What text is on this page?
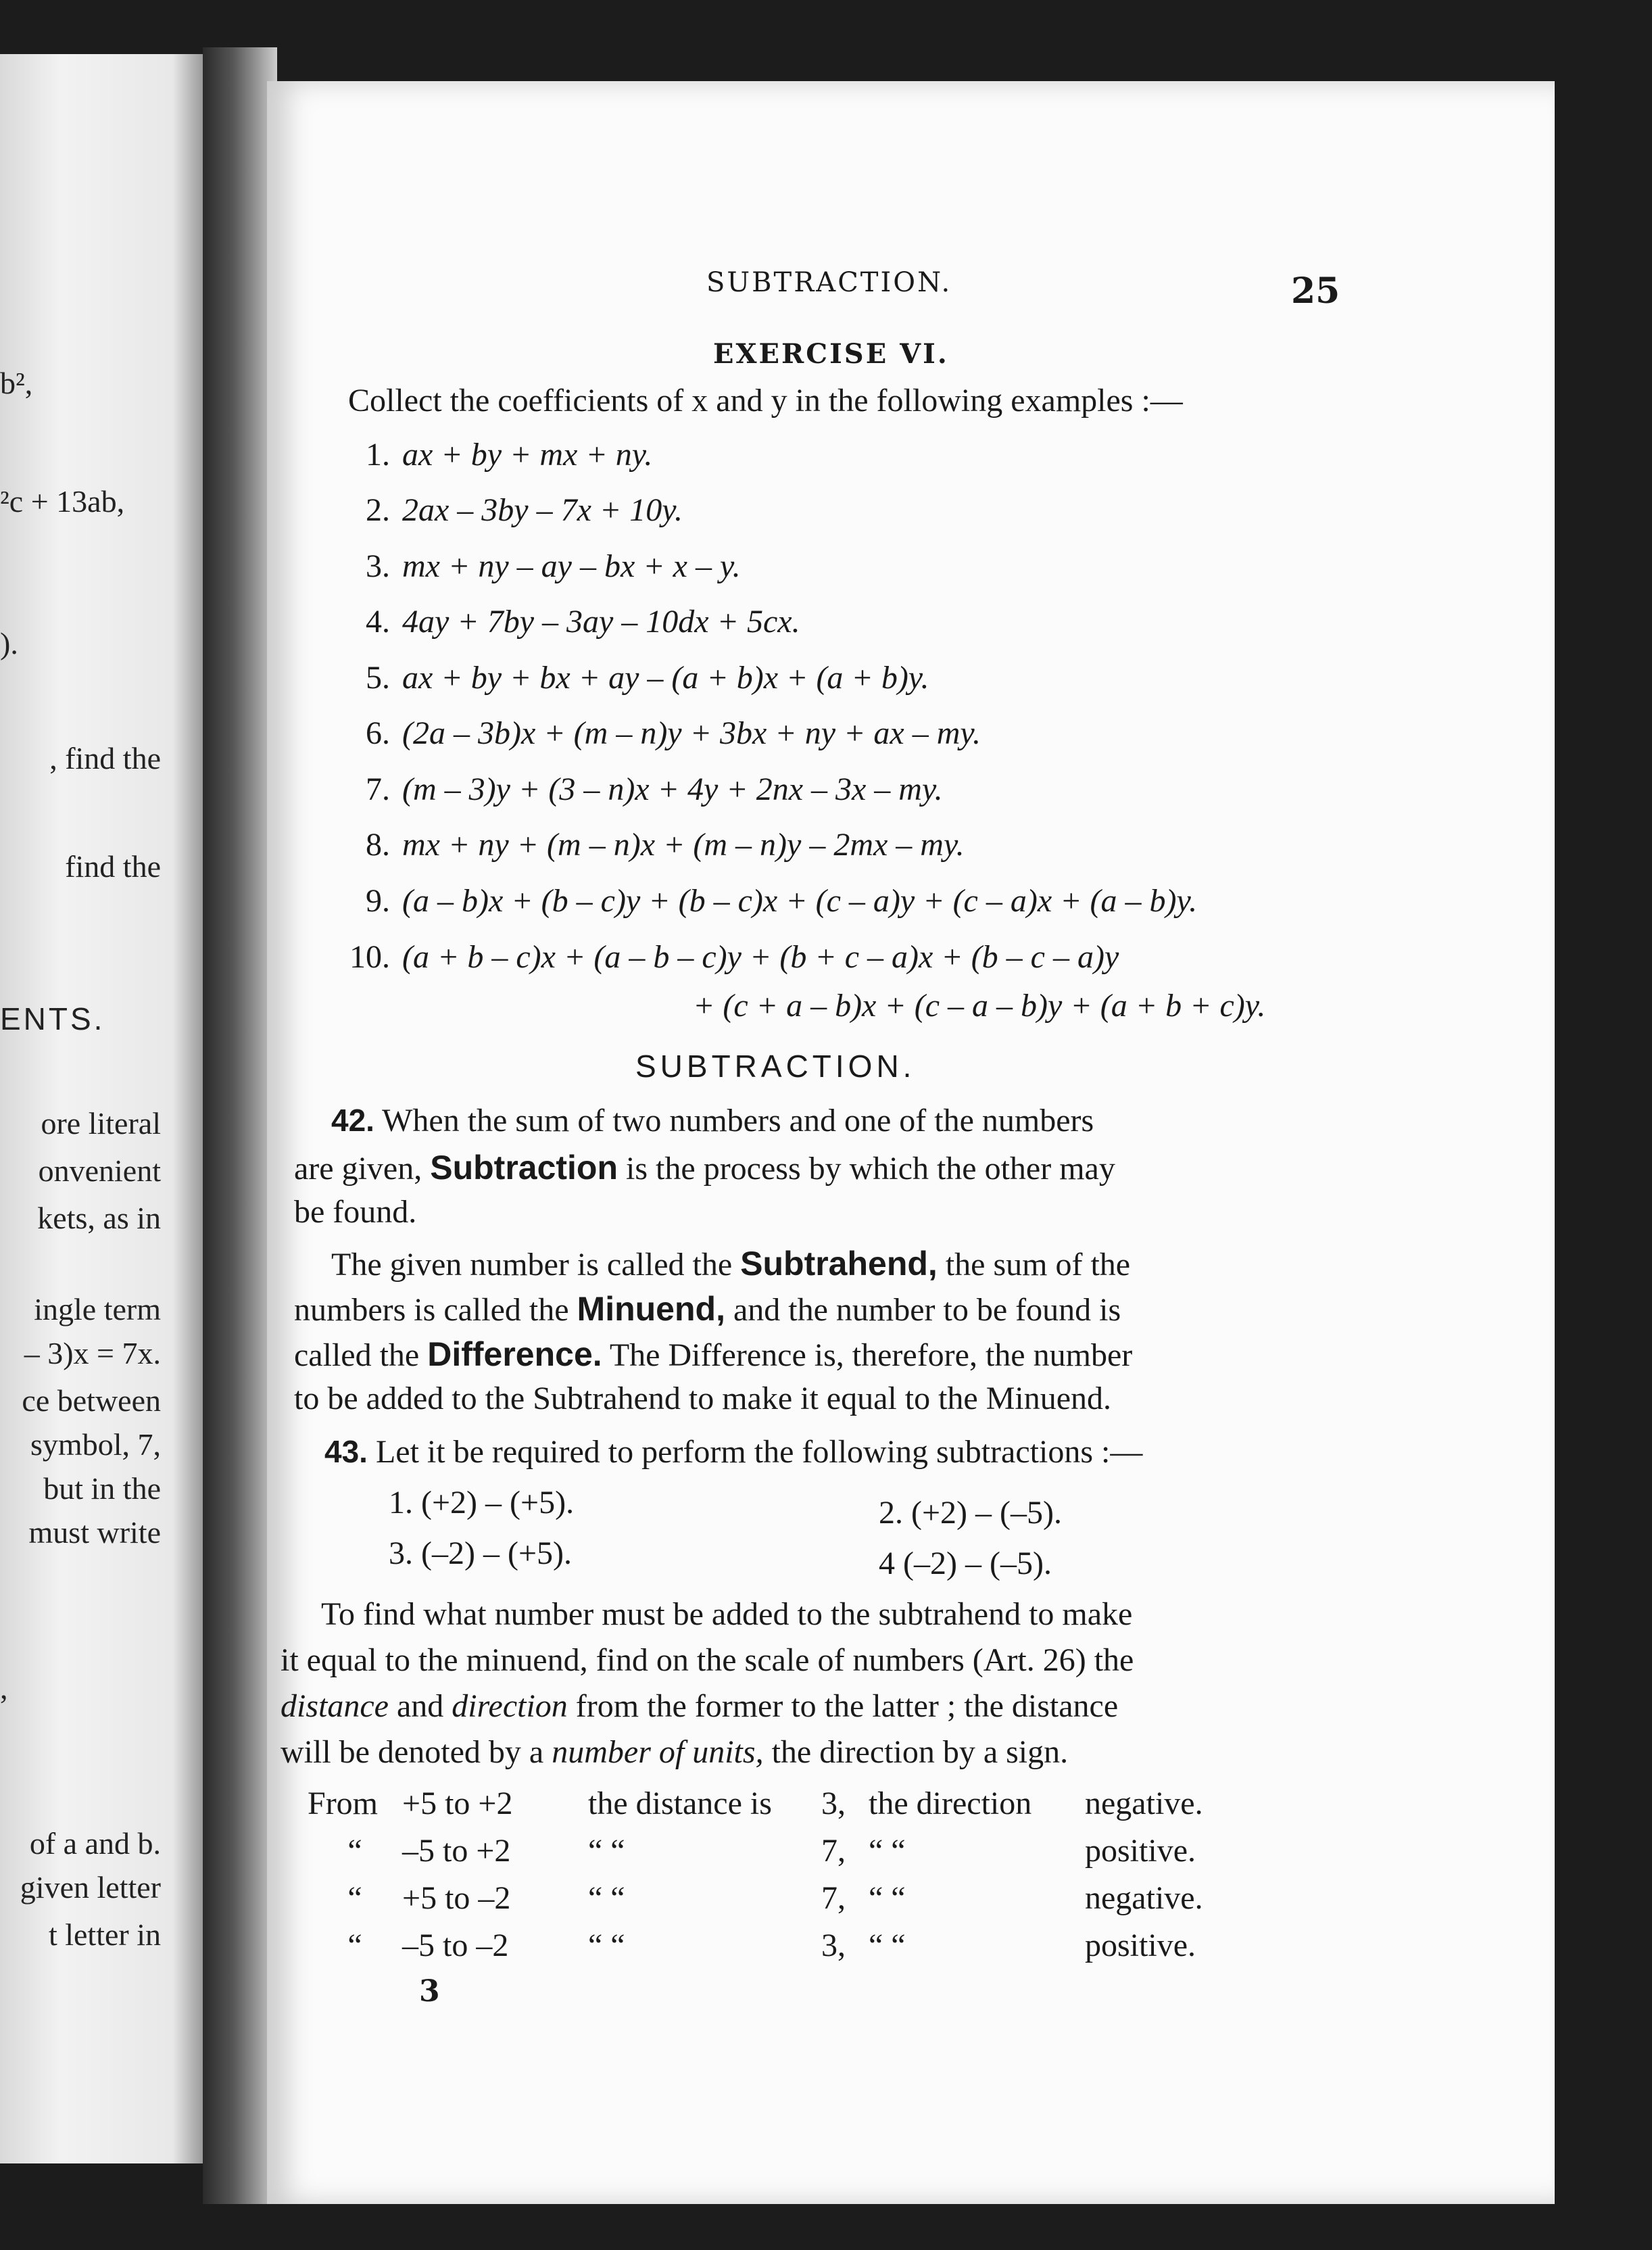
b²,
²c + 13ab,
).
, find the
find the
ENTS.
ore literal
onvenient
kets, as in
ingle term
– 3)x = 7x.
ce between
symbol, 7,
but in the
must write
,
of a and b.
given letter
t letter in
SUBTRACTION.	25
EXERCISE VI.
Collect the coefficients of x and y in the following examples :—
1. ax + by + mx + ny.
2. 2ax – 3by – 7x + 10y.
3. mx + ny – ay – bx + x – y.
4. 4ay + 7by – 3ay – 10dx + 5cx.
5. ax + by + bx + ay – (a + b)x + (a + b)y.
6. (2a – 3b)x + (m – n)y + 3bx + ny + ax – my.
7. (m – 3)y + (3 – n)x + 4y + 2nx – 3x – my.
8. mx + ny + (m – n)x + (m – n)y – 2mx – my.
9. (a – b)x + (b – c)y + (b – c)x + (c – a)y + (c – a)x + (a – b)y.
10. (a + b – c)x + (a – b – c)y + (b + c – a)x + (b – c – a)y
+ (c + a – b)x + (c – a – b)y + (a + b + c)y.
SUBTRACTION.
42. When the sum of two numbers and one of the numbers
are given, Subtraction is the process by which the other may
be found.
The given number is called the Subtrahend, the sum of the
numbers is called the Minuend, and the number to be found is
called the Difference. The Difference is, therefore, the number
to be added to the Subtrahend to make it equal to the Minuend.
43. Let it be required to perform the following subtractions :—
1. (+2) – (+5).	2. (+2) – (–5).
3. (–2) – (+5).	4 (–2) – (–5).
To find what number must be added to the subtrahend to make
it equal to the minuend, find on the scale of numbers (Art. 26) the
distance and direction from the former to the latter ; the distance
will be denoted by a number of units, the direction by a sign.
From +5 to +2 the distance is 3, the direction negative.
“ –5 to +2 “ “	7, “ “	positive.
“ +5 to –2 “ “	7, “ “	negative.
“ –5 to –2 “ “	3, “ “	positive.
3
